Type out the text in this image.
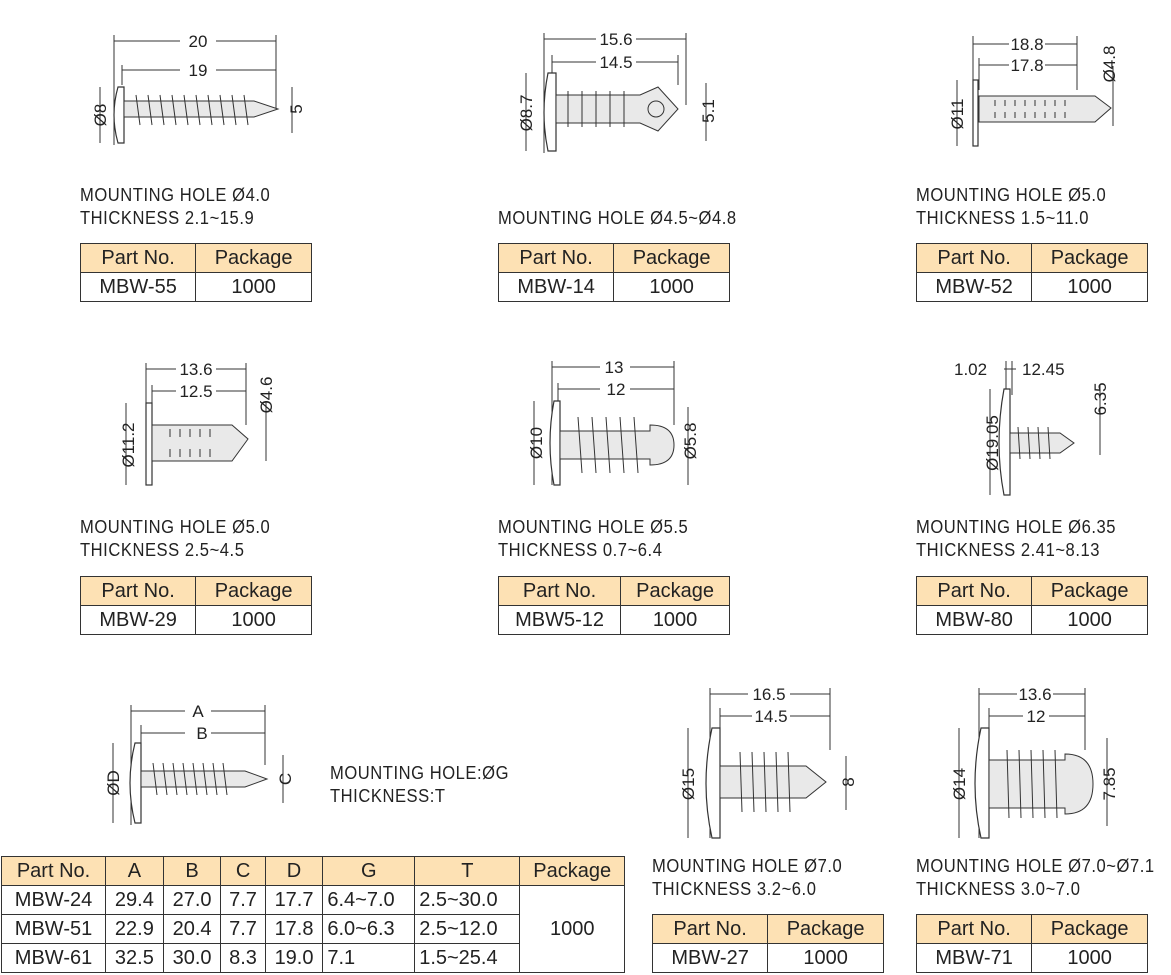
20
19
Ø8	5
15.6
14.5
Ø8.7	5.1
18.8
17.8
Ø11
Ø4.8
13.6
12.5
Ø11.2
Ø4.6
13
12
Ø10	Ø5.8
1.02 12.45
Ø19.05
6.35
A
B
ØD	C
16.5
14.5
Ø15	8
13.6
12
Ø14	7.85
MOUNTING HOLE Ø4.0
THICKNESS 2.1~15.9	MOUNTING HOLE Ø4.5~Ø4.8
MOUNTING HOLE Ø5.0
THICKNESS 1.5~11.0
MOUNTING HOLE Ø5.0
THICKNESS 2.5~4.5
MOUNTING HOLE Ø5.5
THICKNESS 0.7~6.4
MOUNTING HOLE Ø6.35
THICKNESS 2.41~8.13
MOUNTING HOLE:ØG
THICKNESS:T
MOUNTING HOLE Ø7.0
THICKNESS 3.2~6.0
MOUNTING HOLE Ø7.0~Ø7.1
THICKNESS 3.0~7.0
Part No.	Package
MBW-55	1000
Part No.	Package
MBW-14	1000
Part No.	Package
MBW-52	1000
Part No.	Package
MBW-29	1000
Part No.	Package
MBW5-12	1000
Part No.	Package
MBW-80	1000
Part No.	Package
MBW-27	1000
Part No.	Package
MBW-71	1000
Part No.	A	B	C	D	G	T	Package
MBW-24	29.4	27.0	7.7	17.7	6.4~7.0	2.5~30.0	1000
MBW-51	22.9	20.4	7.7	17.8	6.0~6.3	2.5~12.0	
MBW-61	32.5	30.0	8.3	19.0	7.1	1.5~25.4	
